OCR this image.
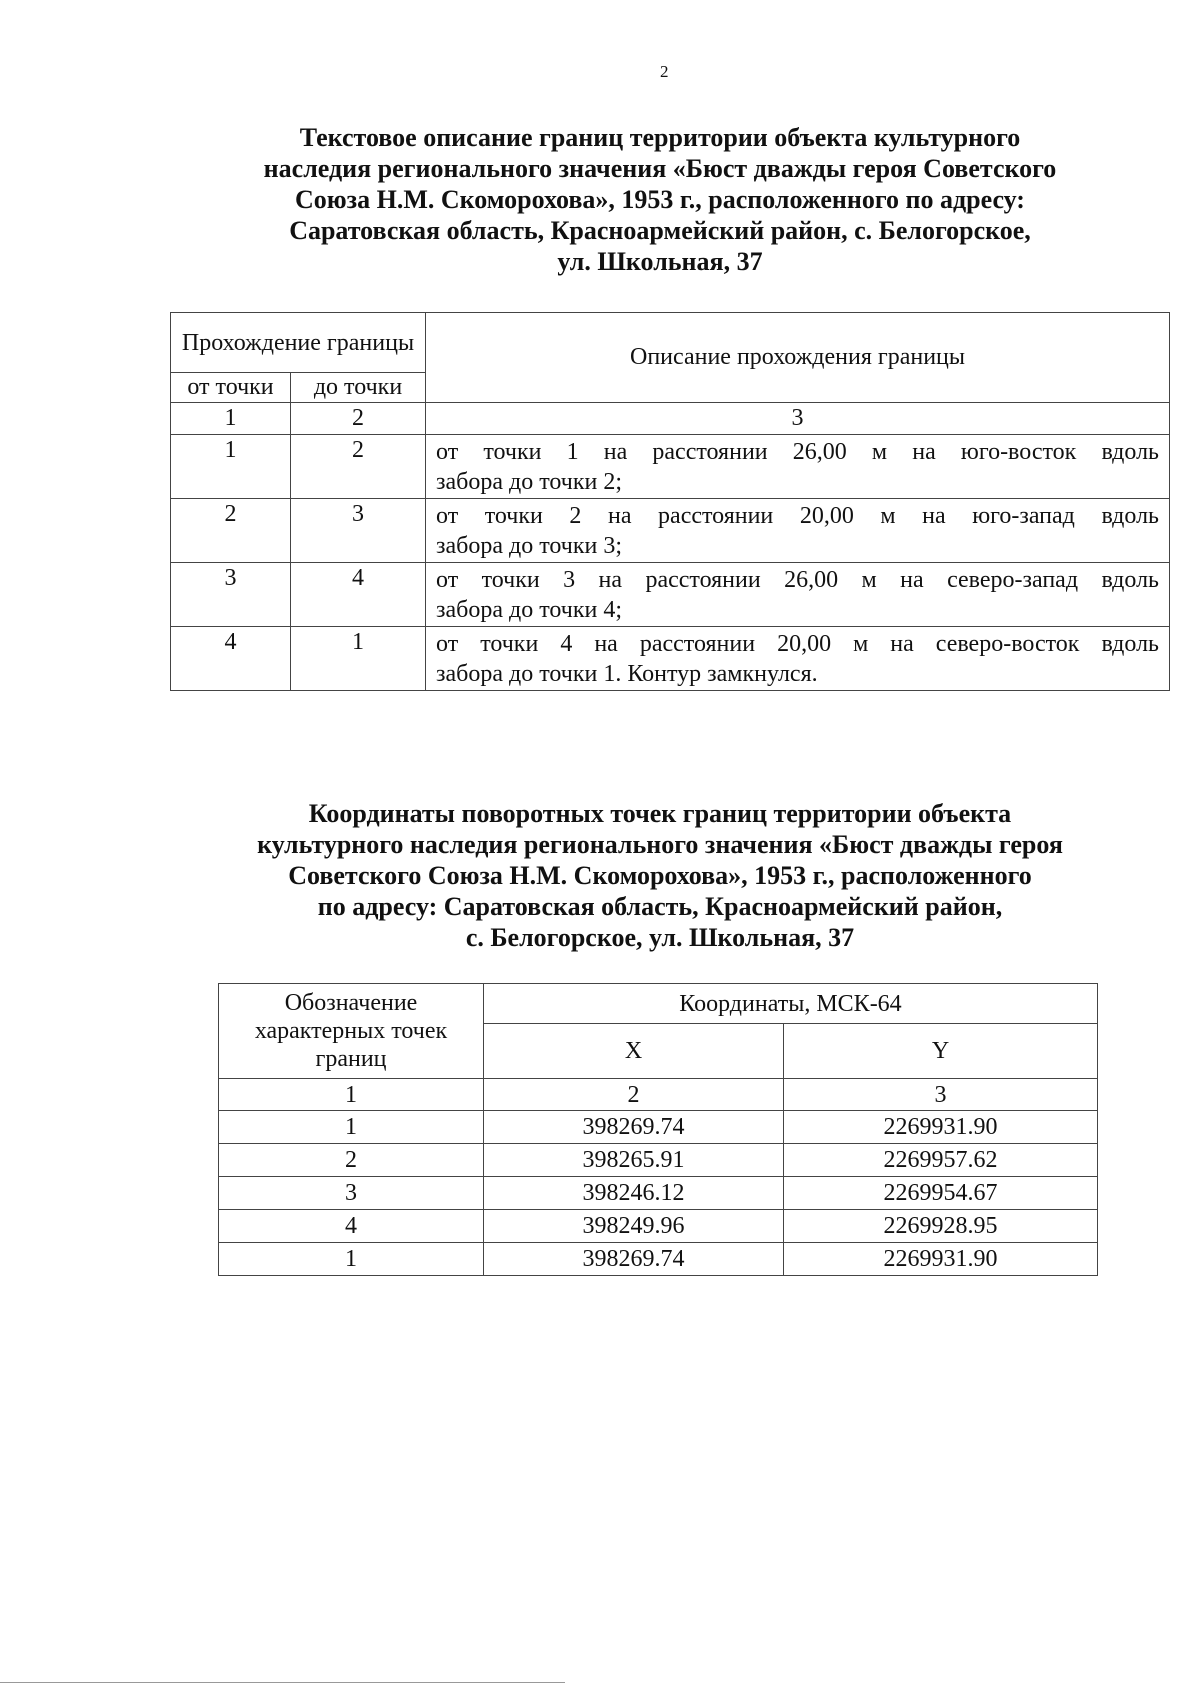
2
Текстовое описание границ территории объекта культурного
наследия регионального значения «Бюст дважды героя Советского
Союза Н.М. Скоморохова», 1953 г., расположенного по адресу:
Саратовская область, Красноармейский район, с. Белогорское,
ул. Школьная, 37
Прохождение границы		Описание прохождения границы
от точки	до точки	
1	2	3
1	2	от точки 1 на расстоянии 26,00 м на юго-восток вдоль
забора до точки 2;

2	3	от точки 2 на расстоянии 20,00 м на юго-запад вдоль
забора до точки 3;

3	4	от точки 3 на расстоянии 26,00 м на северо-запад вдоль
забора до точки 4;

4	1	от точки 4 на расстоянии 20,00 м на северо-восток вдоль
забора до точки 1. Контур замкнулся.
Координаты поворотных точек границ территории объекта
культурного наследия регионального значения «Бюст дважды героя
Советского Союза Н.М. Скоморохова», 1953 г., расположенного
по адресу: Саратовская область, Красноармейский район,
с. Белогорское, ул. Школьная, 37
Обозначение характерных точек границ	Координаты, МСК-64	
	X	Y
1	2	3
1	398269.74	2269931.90
2	398265.91	2269957.62
3	398246.12	2269954.67
4	398249.96	2269928.95
1	398269.74	2269931.90
